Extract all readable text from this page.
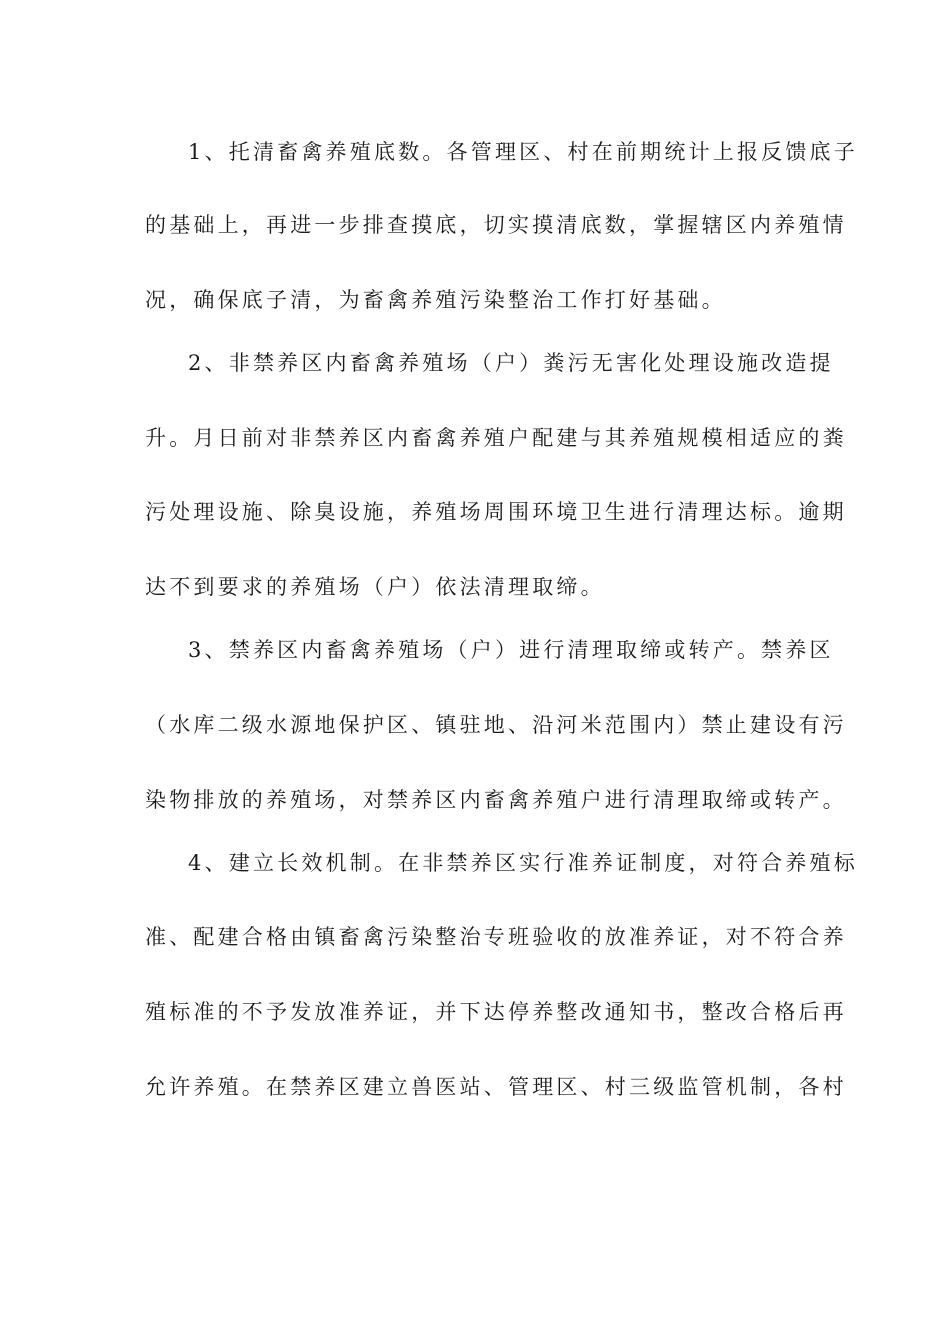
1、托清畜禽养殖底数。各管理区、村在前期统计上报反馈底子
的基础上，再进一步排查摸底，切实摸清底数，掌握辖区内养殖情
况，确保底子清，为畜禽养殖污染整治工作打好基础。
2、非禁养区内畜禽养殖场（户）粪污无害化处理设施改造提
升。月日前对非禁养区内畜禽养殖户配建与其养殖规模相适应的粪
污处理设施、除臭设施，养殖场周围环境卫生进行清理达标。逾期
达不到要求的养殖场（户）依法清理取缔。
3、禁养区内畜禽养殖场（户）进行清理取缔或转产。禁养区
（水库二级水源地保护区、镇驻地、沿河米范围内）禁止建设有污
染物排放的养殖场，对禁养区内畜禽养殖户进行清理取缔或转产。
4、建立长效机制。在非禁养区实行准养证制度，对符合养殖标
准、配建合格由镇畜禽污染整治专班验收的放准养证，对不符合养
殖标准的不予发放准养证，并下达停养整改通知书，整改合格后再
允许养殖。在禁养区建立兽医站、管理区、村三级监管机制，各村
